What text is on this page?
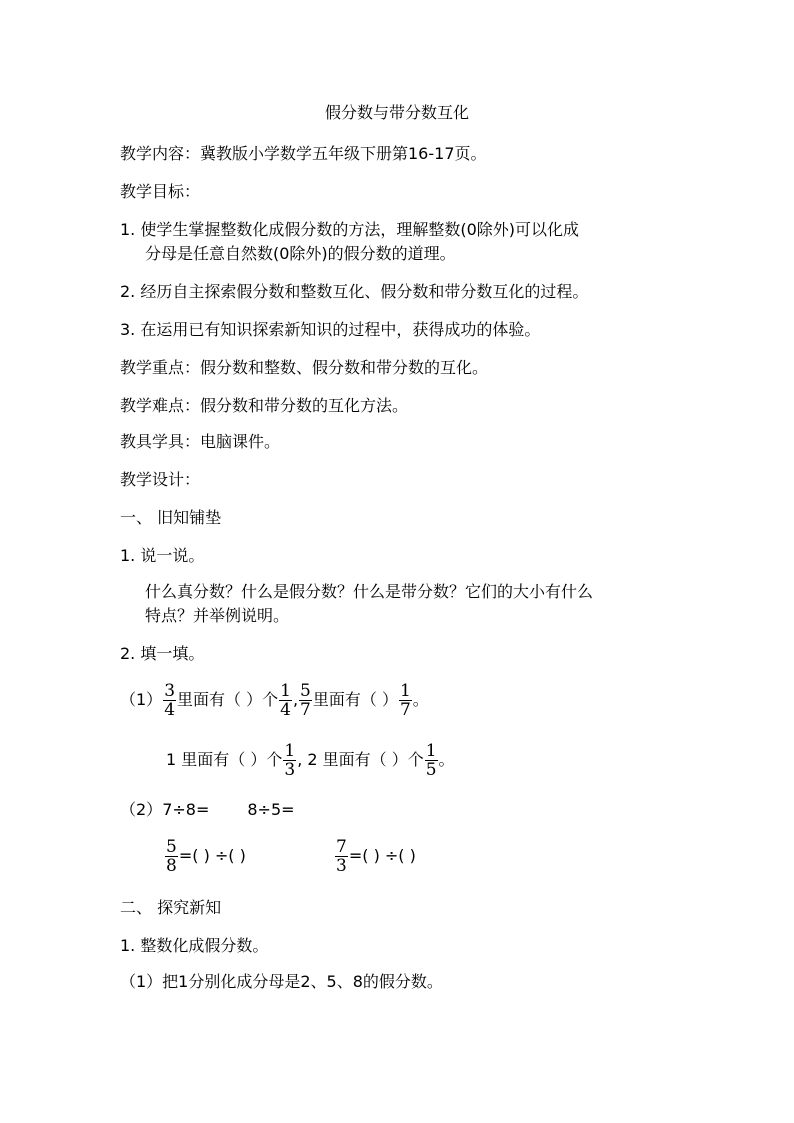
假分数与带分数互化
教学内容：冀教版小学数学五年级下册第16-17页。
教学目标：
1. 使学生掌握整数化成假分数的方法，理解整数(0除外)可以化成
分母是任意自然数(0除外)的假分数的道理。
2. 经历自主探索假分数和整数互化、假分数和带分数互化的过程。
3. 在运用已有知识探索新知识的过程中，获得成功的体验。
教学重点：假分数和整数、假分数和带分数的互化。
教学难点：假分数和带分数的互化方法。
教具学具：电脑课件。
教学设计：
一、 旧知铺垫
1. 说一说。
什么真分数？什么是假分数？什么是带分数？它们的大小有什么
特点？并举例说明。
2. 填一填。
$(1) \frac{3}{4}$ 里面有（ ）个 $\frac{1}{4}$ , $\frac{5}{7}$ 里面有（ ） $\frac{1}{7}$ 。
1 里面有（ ）个 $\frac{1}{3}$ , 2 里面有（ ）个 $\frac{1}{5}$ 。
（2）7÷8= 8÷5=
$\frac{5}{8}$ =( ) ÷( )	$\frac{7}{3}$ =( ) ÷( )
二、 探究新知
1. 整数化成假分数。
（1）把1分别化成分母是2、5、8的假分数。
